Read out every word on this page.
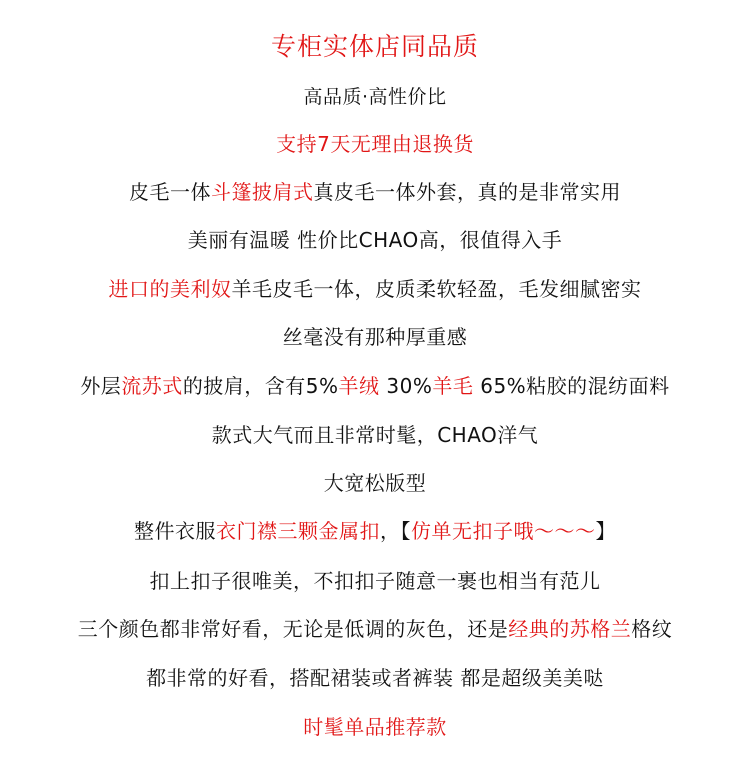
专柜实体店同品质
高品质·高性价比
支持7天无理由退换货
皮毛一体斗篷披肩式真皮毛一体外套，真的是非常实用
美丽有温暖 性价比CHAO高，很值得入手
进口的美利奴羊毛皮毛一体，皮质柔软轻盈，毛发细腻密实
丝毫没有那种厚重感
外层流苏式的披肩，含有5%羊绒 30%羊毛 65%粘胶的混纺面料
款式大气而且非常时髦，CHAO洋气
大宽松版型
整件衣服衣门襟三颗金属扣，【仿单无扣子哦～～～】
扣上扣子很唯美，不扣扣子随意一裹也相当有范儿
三个颜色都非常好看，无论是低调的灰色，还是经典的苏格兰格纹
都非常的好看，搭配裙装或者裤装 都是超级美美哒
时髦单品推荐款
